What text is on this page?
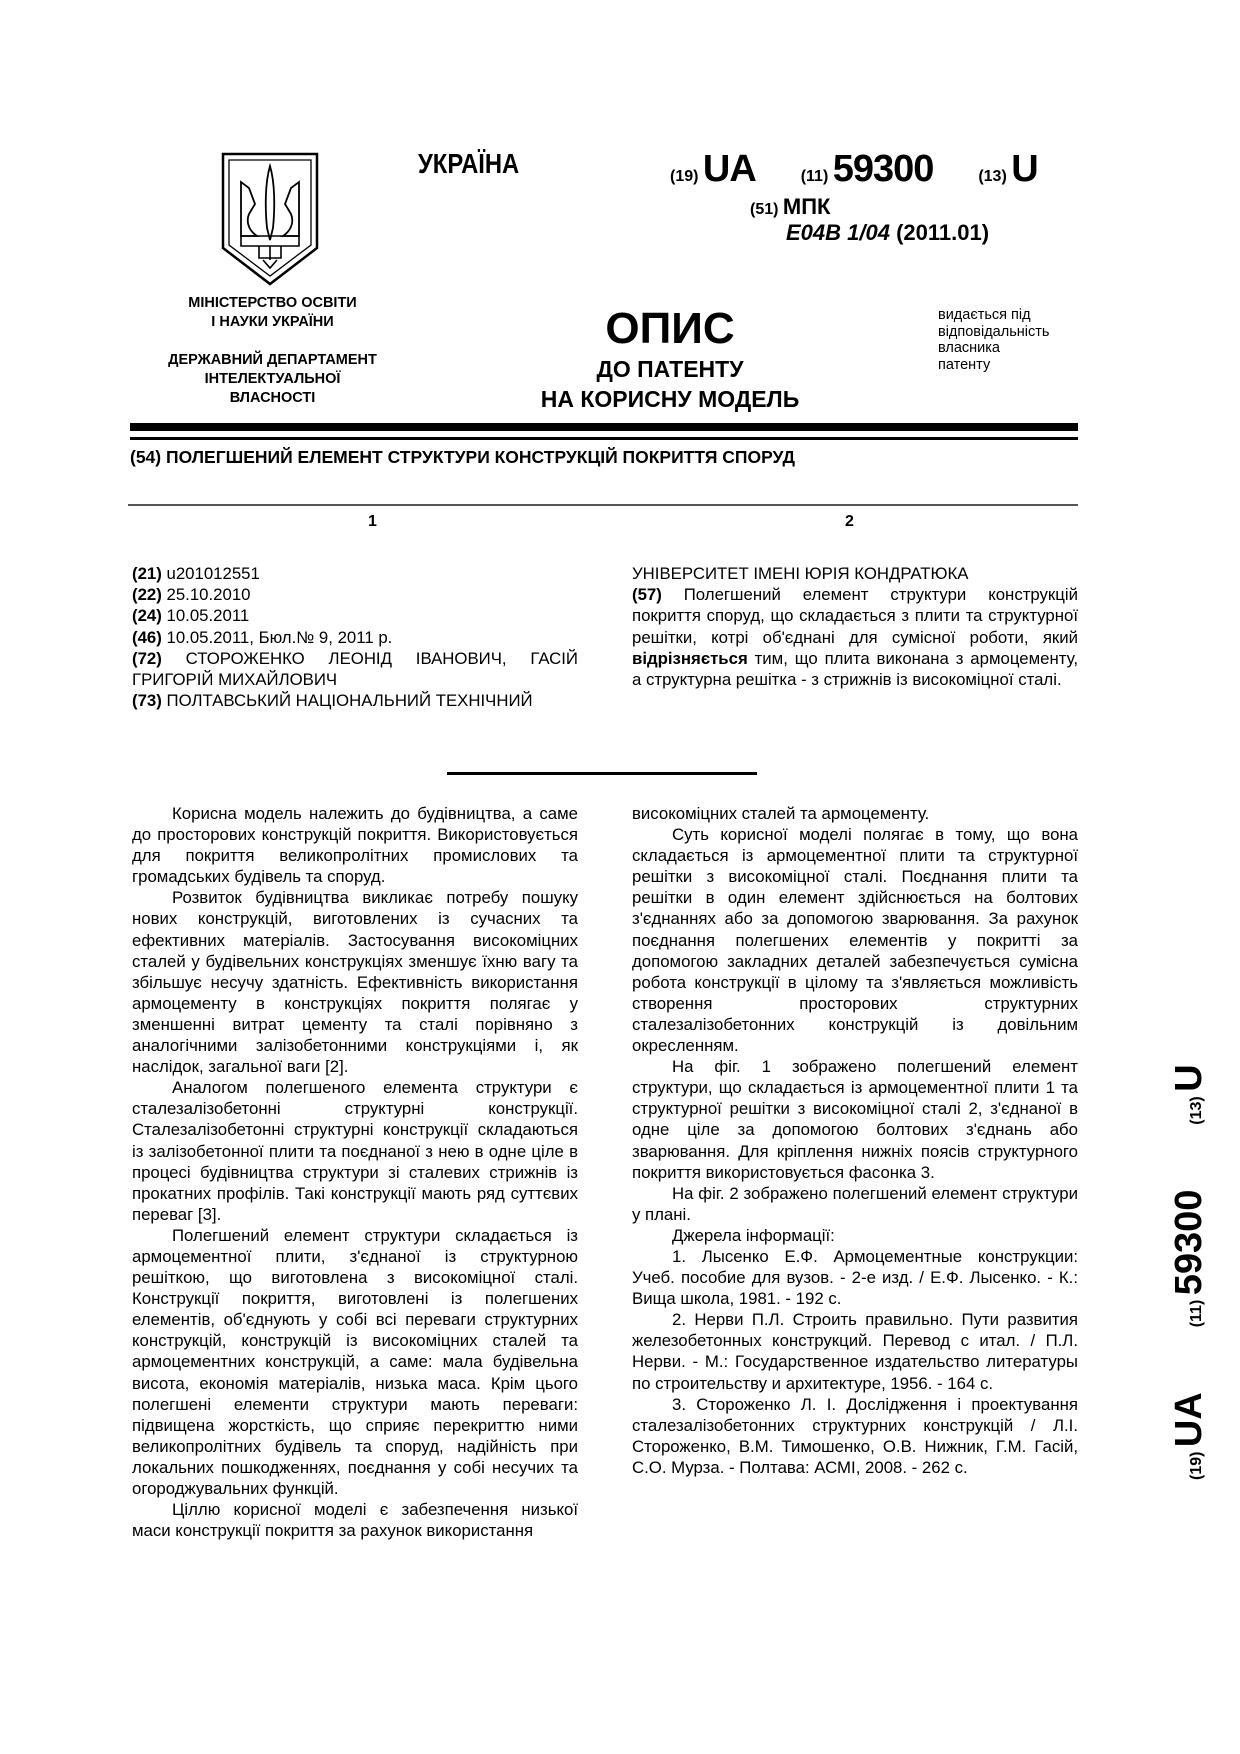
УКРАЇНА	(19) UA	(11) 59300	(13) U
(51) МПК
E04B 1/04 (2011.01)
МІНІСТЕРСТВО ОСВІТИ
І НАУКИ УКРАЇНИ
ДЕРЖАВНИЙ ДЕПАРТАМЕНТ
ІНТЕЛЕКТУАЛЬНОЇ
ВЛАСНОСТІ
ОПИС
ДО ПАТЕНТУ
НА КОРИСНУ МОДЕЛЬ
видається під
відповідальність
власника
патенту
(54) ПОЛЕГШЕНИЙ ЕЛЕМЕНТ СТРУКТУРИ КОНСТРУКЦІЙ ПОКРИТТЯ СПОРУД
1	2
(21) u201012551
(22) 25.10.2010
(24) 10.05.2011
(46) 10.05.2011, Бюл.№ 9, 2011 р.
(72) СТОРОЖЕНКО ЛЕОНІД ІВАНОВИЧ, ГАСІЙ
ГРИГОРІЙ МИХАЙЛОВИЧ
(73) ПОЛТАВСЬКИЙ НАЦІОНАЛЬНИЙ ТЕХНІЧНИЙ
УНІВЕРСИТЕТ ІМЕНІ ЮРІЯ КОНДРАТЮКА
(57) Полегшений елемент структури конструкцій покриття споруд, що складається з плити та структурної решітки, котрі об'єднані для сумісної роботи, який відрізняється тим, що плита виконана з армоцементу, а структурна решітка - з стрижнів із високоміцної сталі.

Корисна модель належить до будівництва, а саме до просторових конструкцій покриття. Використовується для покриття великопролітних промислових та громадських будівель та споруд.

Розвиток будівництва викликає потребу пошуку нових конструкцій, виготовлених із сучасних та ефективних матеріалів. Застосування високоміцних сталей у будівельних конструкціях зменшує їхню вагу та збільшує несучу здатність. Ефективність використання армоцементу в конструкціях покриття полягає у зменшенні витрат цементу та сталі порівняно з аналогічними залізобетонними конструкціями і, як наслідок, загальної ваги [2].

Аналогом полегшеного елемента структури є сталезалізобетонні структурні конструкції. Сталезалізобетонні структурні конструкції складаються із залізобетонної плити та поєднаної з нею в одне ціле в процесі будівництва структури зі сталевих стрижнів із прокатних профілів. Такі конструкції мають ряд суттєвих переваг [3].

Полегшений елемент структури складається із армоцементної плити, з'єднаної із структурною решіткою, що виготовлена з високоміцної сталі. Конструкції покриття, виготовлені із полегшених елементів, об'єднують у собі всі переваги структурних конструкцій, конструкцій із високоміцних сталей та армоцементних конструкцій, а саме: мала будівельна висота, економія матеріалів, низька маса. Крім цього полегшені елементи структури мають переваги: підвищена жорсткість, що сприяє перекриттю ними великопролітних будівель та споруд, надійність при локальних пошкодженнях, поєднання у собі несучих та огороджувальних функцій.

Ціллю корисної моделі є забезпечення низької маси конструкції покриття за рахунок використання

високоміцних сталей та армоцементу.

Суть корисної моделі полягає в тому, що вона складається із армоцементної плити та структурної решітки з високоміцної сталі. Поєднання плити та решітки в один елемент здійснюється на болтових з'єднаннях або за допомогою зварювання. За рахунок поєднання полегшених елементів у покритті за допомогою закладних деталей забезпечується сумісна робота конструкції в цілому та з'являється можливість створення просторових структурних сталезалізобетонних конструкцій із довільним окресленням.

На фіг. 1 зображено полегшений елемент структури, що складається із армоцементної плити 1 та структурної решітки з високоміцної сталі 2, з'єднаної в одне ціле за допомогою болтових з'єднань або зварювання. Для кріплення нижніх поясів структурного покриття використовується фасонка 3.

На фіг. 2 зображено полегшений елемент структури у плані.

Джерела інформації:

1. Лысенко Е.Ф. Армоцементные конструкции: Учеб. пособие для вузов. - 2-е изд. / Е.Ф. Лысенко. - К.: Вища школа, 1981. - 192 с.

2. Нерви П.Л. Строить правильно. Пути развития железобетонных конструкций. Перевод с итал. / П.Л. Нерви. - М.: Государственное издательство литературы по строительству и архитектуре, 1956. - 164 с.

3. Стороженко Л. І. Дослідження і проектування сталезалізобетонних структурних конструкцій / Л.І. Стороженко, В.М. Тимошенко, О.В. Нижник, Г.М. Гасій, С.О. Мурза. - Полтава: АСМІ, 2008. - 262 с.	(19) UA  (11) 59300  (13) U
